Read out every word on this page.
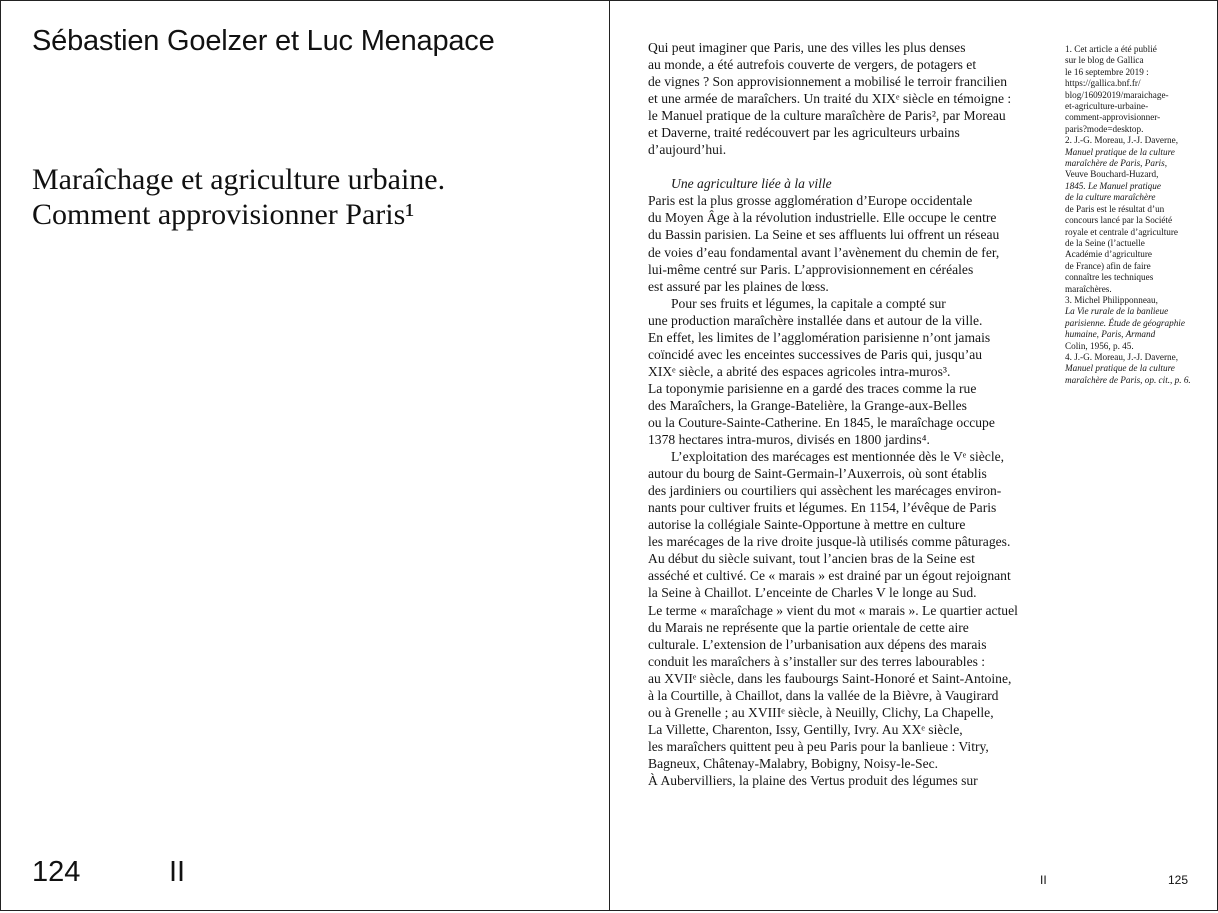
Sébastien Goelzer et Luc Menapace
Maraîchage et agriculture urbaine.
Comment approvisionner Paris¹
124	II
Qui peut imaginer que Paris, une des villes les plus denses
au monde, a été autrefois couverte de vergers, de potagers et
de vignes ? Son approvisionnement a mobilisé le terroir francilien
et une armée de maraîchers. Un traité du XIXᵉ siècle en témoigne :
le Manuel pratique de la culture maraîchère de Paris², par Moreau
et Daverne, traité redécouvert par les agriculteurs urbains
d’aujourd’hui.
Une agriculture liée à la ville
Paris est la plus grosse agglomération d’Europe occidentale
du Moyen Âge à la révolution industrielle. Elle occupe le centre
du Bassin parisien. La Seine et ses affluents lui offrent un réseau
de voies d’eau fondamental avant l’avènement du chemin de fer,
lui-même centré sur Paris. L’approvisionnement en céréales
est assuré par les plaines de lœss.
Pour ses fruits et légumes, la capitale a compté sur
une production maraîchère installée dans et autour de la ville.
En effet, les limites de l’agglomération parisienne n’ont jamais
coïncidé avec les enceintes successives de Paris qui, jusqu’au
XIXᵉ siècle, a abrité des espaces agricoles intra-muros³.
La toponymie parisienne en a gardé des traces comme la rue
des Maraîchers, la Grange-Batelière, la Grange-aux-Belles
ou la Couture-Sainte-Catherine. En 1845, le maraîchage occupe
1378 hectares intra-muros, divisés en 1800 jardins⁴.
L’exploitation des marécages est mentionnée dès le Vᵉ siècle,
autour du bourg de Saint-Germain-l’Auxerrois, où sont établis
des jardiniers ou courtiliers qui assèchent les marécages environ-
nants pour cultiver fruits et légumes. En 1154, l’évêque de Paris
autorise la collégiale Sainte-Opportune à mettre en culture
les marécages de la rive droite jusque-là utilisés comme pâturages.
Au début du siècle suivant, tout l’ancien bras de la Seine est
asséché et cultivé. Ce « marais » est drainé par un égout rejoignant
la Seine à Chaillot. L’enceinte de Charles V le longe au Sud.
Le terme « maraîchage » vient du mot « marais ». Le quartier actuel
du Marais ne représente que la partie orientale de cette aire
culturale. L’extension de l’urbanisation aux dépens des marais
conduit les maraîchers à s’installer sur des terres labourables :
au XVIIᵉ siècle, dans les faubourgs Saint-Honoré et Saint-Antoine,
à la Courtille, à Chaillot, dans la vallée de la Bièvre, à Vaugirard
ou à Grenelle ; au XVIIIᵉ siècle, à Neuilly, Clichy, La Chapelle,
La Villette, Charenton, Issy, Gentilly, Ivry. Au XXᵉ siècle,
les maraîchers quittent peu à peu Paris pour la banlieue : Vitry,
Bagneux, Châtenay-Malabry, Bobigny, Noisy-le-Sec.
À Aubervilliers, la plaine des Vertus produit des légumes sur
1. Cet article a été publié
sur le blog de Gallica
le 16 septembre 2019 :
https://gallica.bnf.fr/
blog/16092019/maraichage-
et-agriculture-urbaine-
comment-approvisionner-
paris?mode=desktop.
2. J.-G. Moreau, J.-J. Daverne,
Manuel pratique de la culture
maraîchère de Paris, Paris,
Veuve Bouchard-Huzard,
1845. Le Manuel pratique
de la culture maraîchère
de Paris est le résultat d’un
concours lancé par la Société
royale et centrale d’agriculture
de la Seine (l’actuelle
Académie d’agriculture
de France) afin de faire
connaître les techniques
maraîchères.
3. Michel Philipponneau,
La Vie rurale de la banlieue
parisienne. Étude de géographie
humaine, Paris, Armand
Colin, 1956, p. 45.
4. J.-G. Moreau, J.-J. Daverne,
Manuel pratique de la culture
maraîchère de Paris, op. cit., p. 6.
II	125
